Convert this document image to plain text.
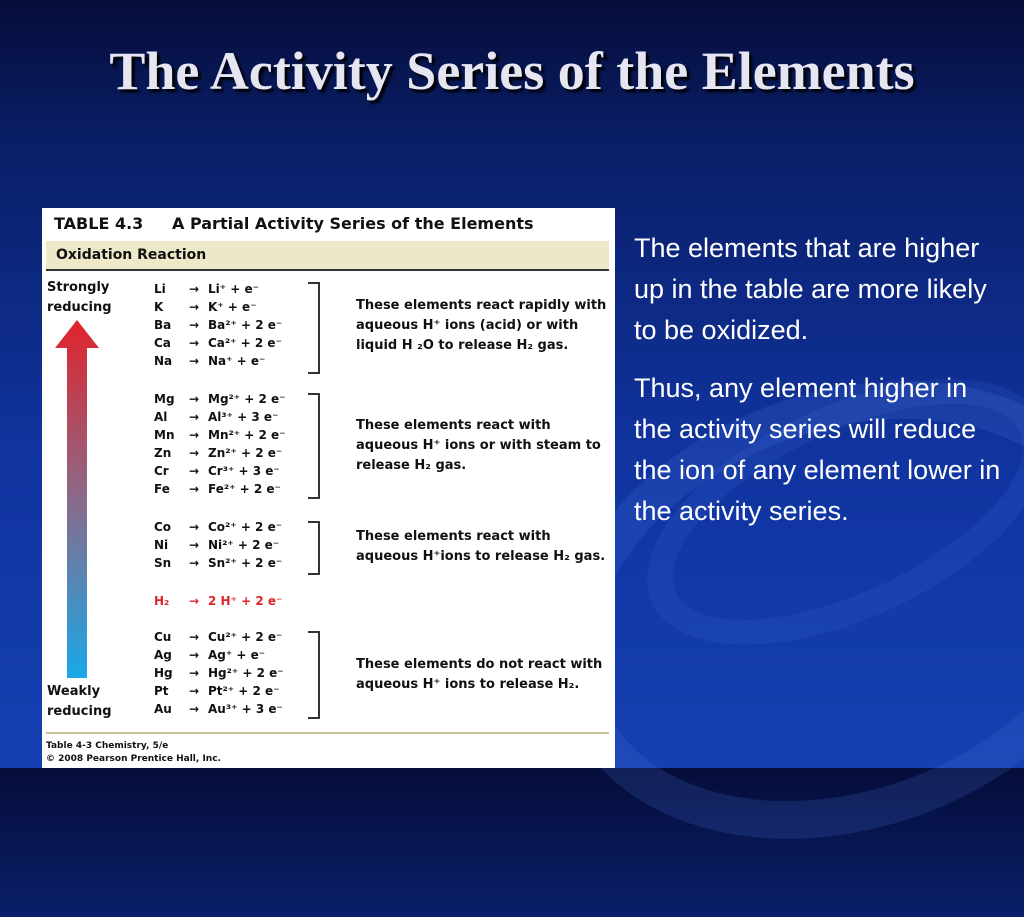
The Activity Series of the Elements
TABLE 4.3 A Partial Activity Series of the Elements
Oxidation Reaction
Strongly
reducing
Weakly
reducing
Li	→ Li⁺ + e⁻
K	→ K⁺ + e⁻
Ba	→ Ba²⁺ + 2 e⁻
Ca	→ Ca²⁺ + 2 e⁻
Na	→ Na⁺ + e⁻
Mg	→ Mg²⁺ + 2 e⁻
Al	→ Al³⁺ + 3 e⁻
Mn	→ Mn²⁺ + 2 e⁻
Zn	→ Zn²⁺ + 2 e⁻
Cr	→ Cr³⁺ + 3 e⁻
Fe	→ Fe²⁺ + 2 e⁻
Co	→ Co²⁺ + 2 e⁻
Ni	→ Ni²⁺ + 2 e⁻
Sn	→ Sn²⁺ + 2 e⁻
H₂	→ 2 H⁺ + 2 e⁻
Cu	→ Cu²⁺ + 2 e⁻
Ag	→ Ag⁺ + e⁻
Hg	→ Hg²⁺ + 2 e⁻
Pt	→ Pt²⁺ + 2 e⁻
Au	→ Au³⁺ + 3 e⁻
These elements react rapidly with
aqueous H⁺ ions (acid) or with
liquid H ₂O to release H₂ gas.
These elements react with
aqueous H⁺ ions or with steam to
release H₂ gas.
These elements react with
aqueous H⁺ions to release H₂ gas.
These elements do not react with
aqueous H⁺ ions to release H₂.
Table 4-3 Chemistry, 5/e
© 2008 Pearson Prentice Hall, Inc.

The elements that are higher up in the table are more likely to be oxidized.

Thus, any element higher in the activity series will reduce the ion of any element lower in the activity series.
